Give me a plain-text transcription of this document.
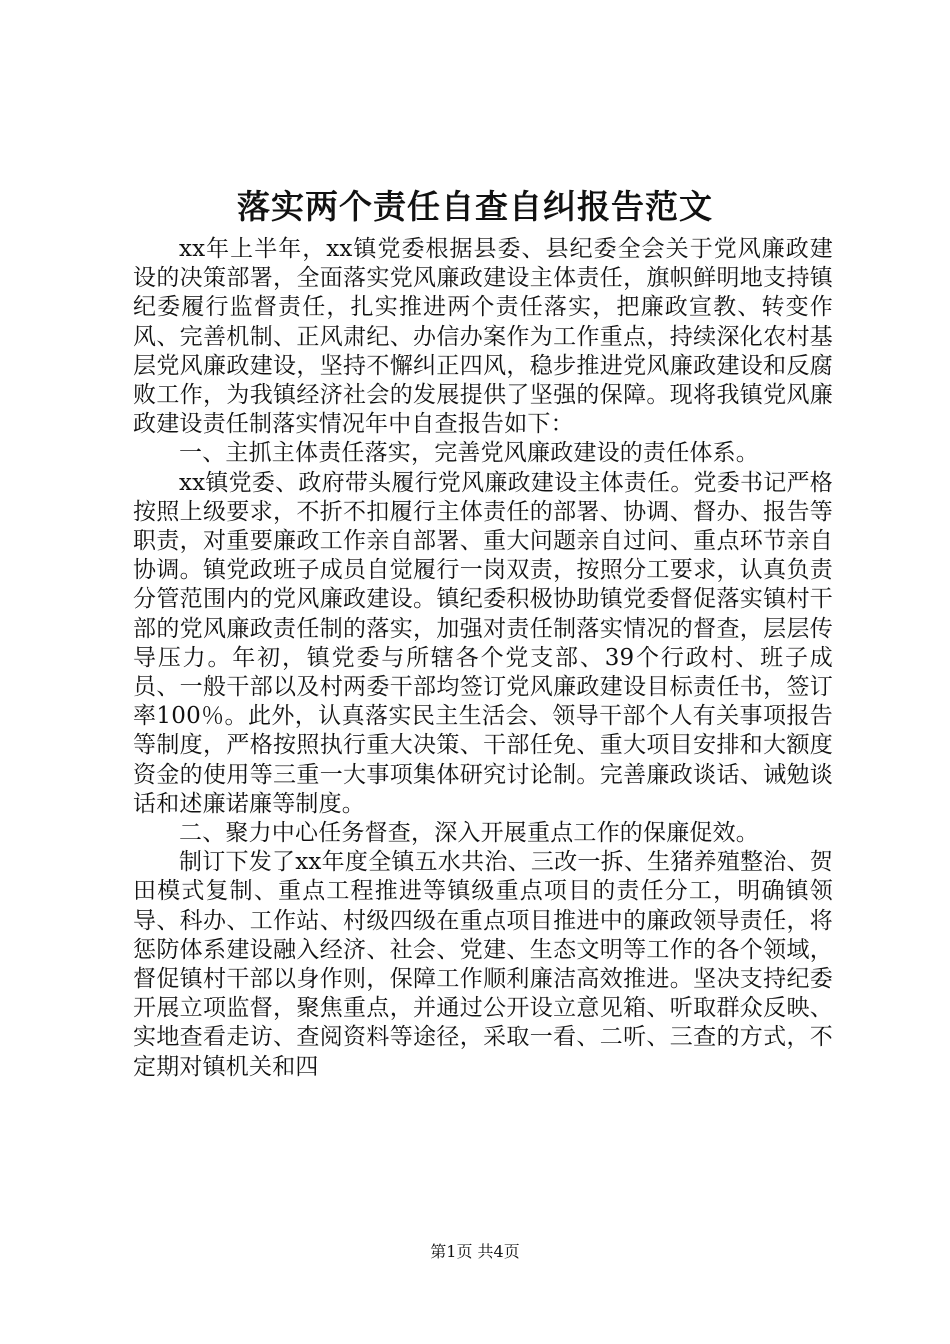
落实两个责任自查自纠报告范文

xx年上半年，xx镇党委根据县委、县纪委全会关于党风廉政建设的决策部署，全面落实党风廉政建设主体责任，旗帜鲜明地支持镇纪委履行监督责任，扎实推进两个责任落实，把廉政宣教、转变作风、完善机制、正风肃纪、办信办案作为工作重点，持续深化农村基层党风廉政建设，坚持不懈纠正四风，稳步推进党风廉政建设和反腐败工作，为我镇经济社会的发展提供了坚强的保障。现将我镇党风廉政建设责任制落实情况年中自查报告如下：

一、主抓主体责任落实，完善党风廉政建设的责任体系。

xx镇党委、政府带头履行党风廉政建设主体责任。党委书记严格按照上级要求，不折不扣履行主体责任的部署、协调、督办、报告等职责，对重要廉政工作亲自部署、重大问题亲自过问、重点环节亲自协调。镇党政班子成员自觉履行一岗双责，按照分工要求，认真负责分管范围内的党风廉政建设。镇纪委积极协助镇党委督促落实镇村干部的党风廉政责任制的落实，加强对责任制落实情况的督查，层层传导压力。年初，镇党委与所辖各个党支部、39个行政村、班子成员、一般干部以及村两委干部均签订党风廉政建设目标责任书，签订率100％。此外，认真落实民主生活会、领导干部个人有关事项报告等制度，严格按照执行重大决策、干部任免、重大项目安排和大额度资金的使用等三重一大事项集体研究讨论制。完善廉政谈话、诫勉谈话和述廉诺廉等制度。

二、聚力中心任务督查，深入开展重点工作的保廉促效。

制订下发了xx年度全镇五水共治、三改一拆、生猪养殖整治、贺田模式复制、重点工程推进等镇级重点项目的责任分工，明确镇领导、科办、工作站、村级四级在重点项目推进中的廉政领导责任，将惩防体系建设融入经济、社会、党建、生态文明等工作的各个领域，督促镇村干部以身作则，保障工作顺利廉洁高效推进。坚决支持纪委开展立项监督，聚焦重点，并通过公开设立意见箱、听取群众反映、实地查看走访、查阅资料等途径，采取一看、二听、三查的方式，不定期对镇机关和四

第1页 共4页
